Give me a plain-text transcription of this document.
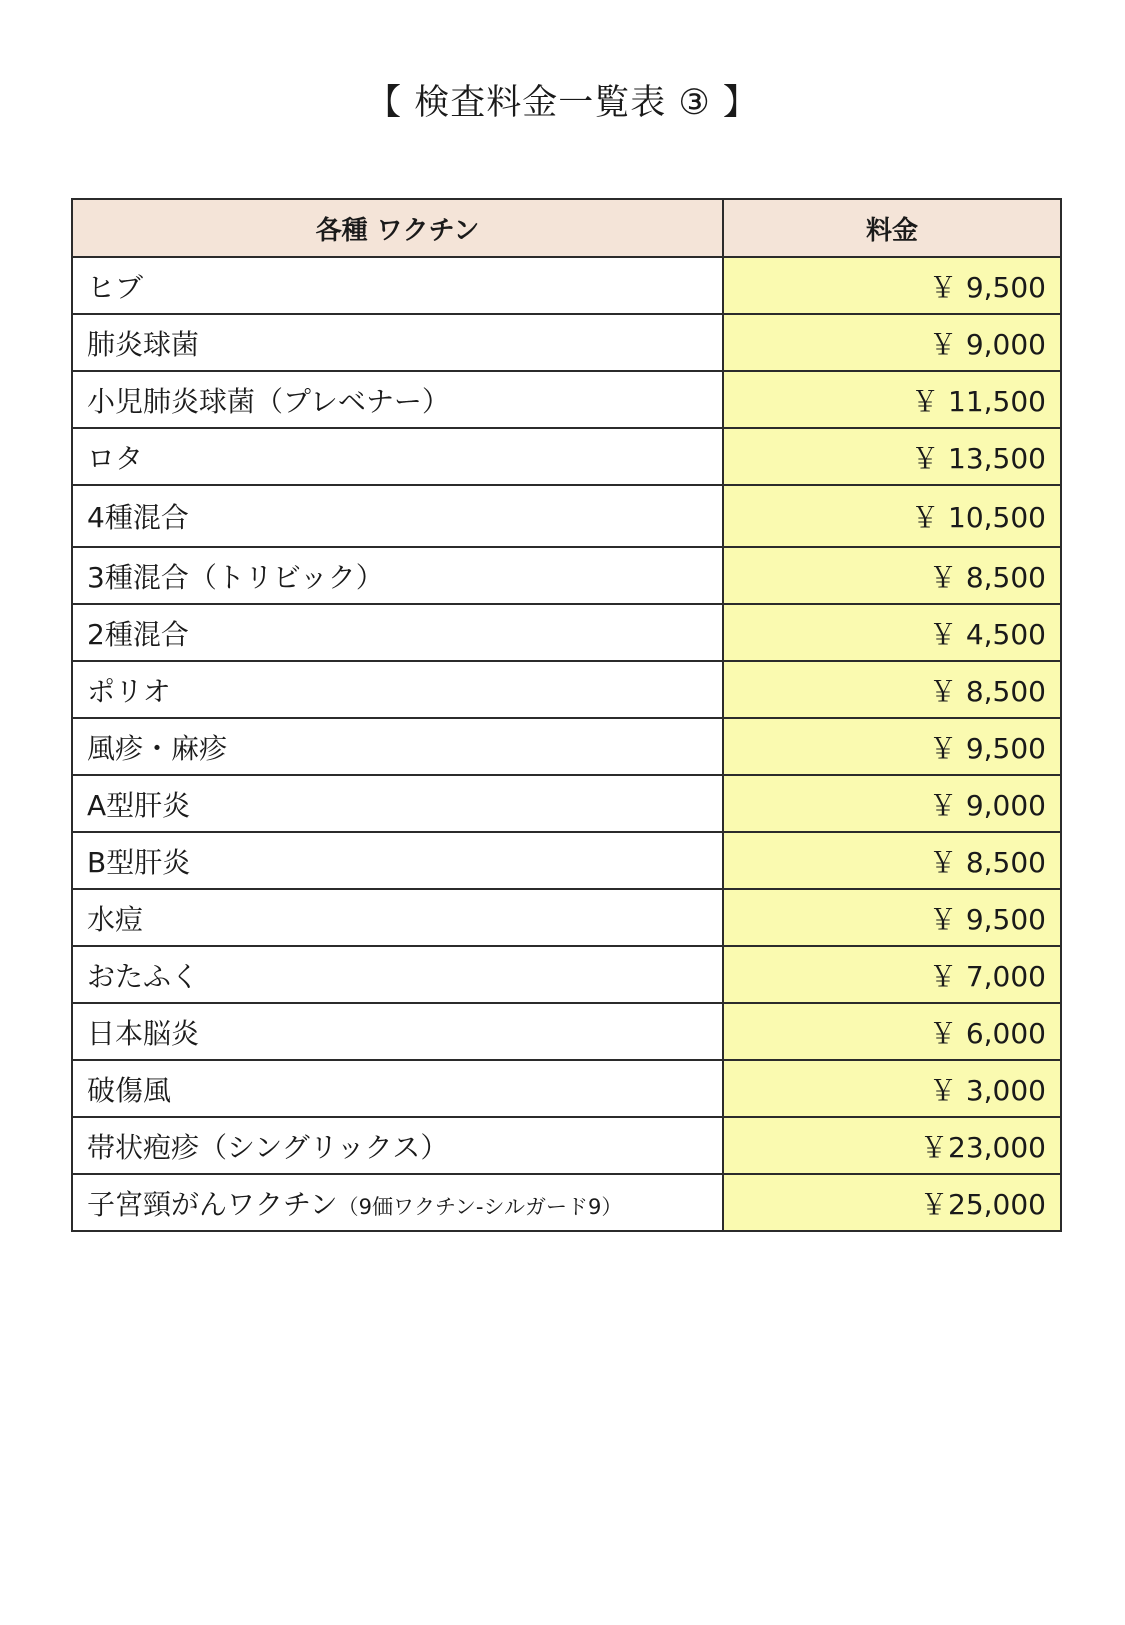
【 検査料金一覧表 ③ 】
各種 ワクチン	料金
ヒブ	￥ 9,500
肺炎球菌	￥ 9,000
小児肺炎球菌（プレベナー）	￥ 11,500
ロタ	￥ 13,500
4種混合	￥ 10,500
3種混合（トリビック）	￥ 8,500
2種混合	￥ 4,500
ポリオ	￥ 8,500
風疹・麻疹	￥ 9,500
A型肝炎	￥ 9,000
B型肝炎	￥ 8,500
水痘	￥ 9,500
おたふく	￥ 7,000
日本脳炎	￥ 6,000
破傷風	￥ 3,000
帯状疱疹（シングリックス）	￥23,000
子宮頸がんワクチン（9価ワクチン-シルガード9）	￥25,000
